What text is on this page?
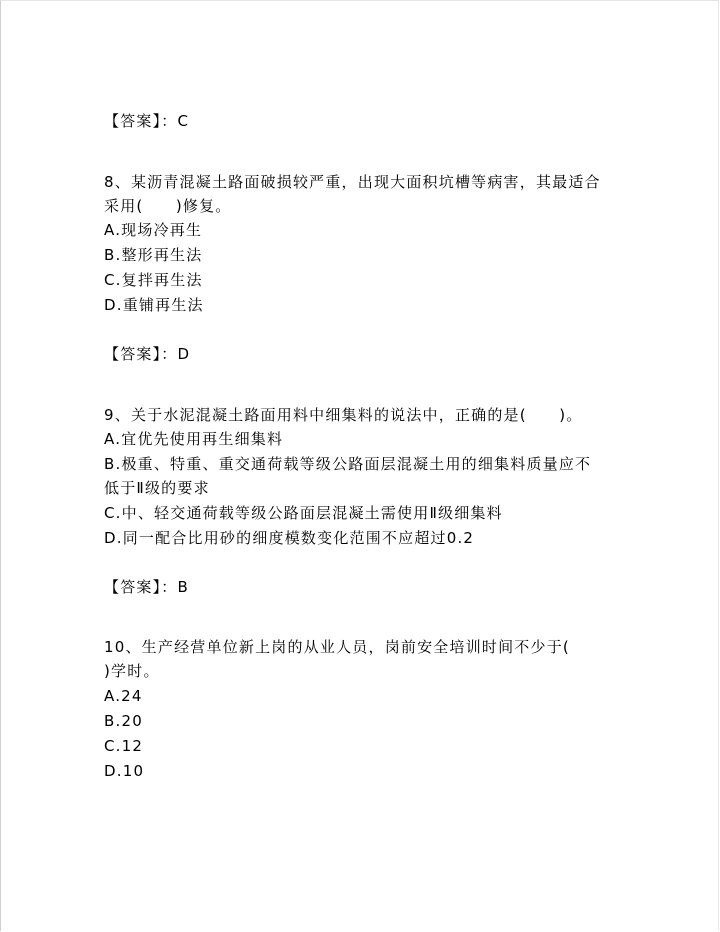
【答案】：C
8、某沥青混凝土路面破损较严重，出现大面积坑槽等病害，其最适合
采用(　　)修复。
A.现场冷再生
B.整形再生法
C.复拌再生法
D.重铺再生法
【答案】：D
9、关于水泥混凝土路面用料中细集料的说法中，正确的是(　　)。
A.宜优先使用再生细集料
B.极重、特重、重交通荷载等级公路面层混凝土用的细集料质量应不
低于Ⅱ级的要求
C.中、轻交通荷载等级公路面层混凝土需使用Ⅱ级细集料
D.同一配合比用砂的细度模数变化范围不应超过0.2
【答案】：B
10、生产经营单位新上岗的从业人员，岗前安全培训时间不少于(
)学时。
A.24
B.20
C.12
D.10
